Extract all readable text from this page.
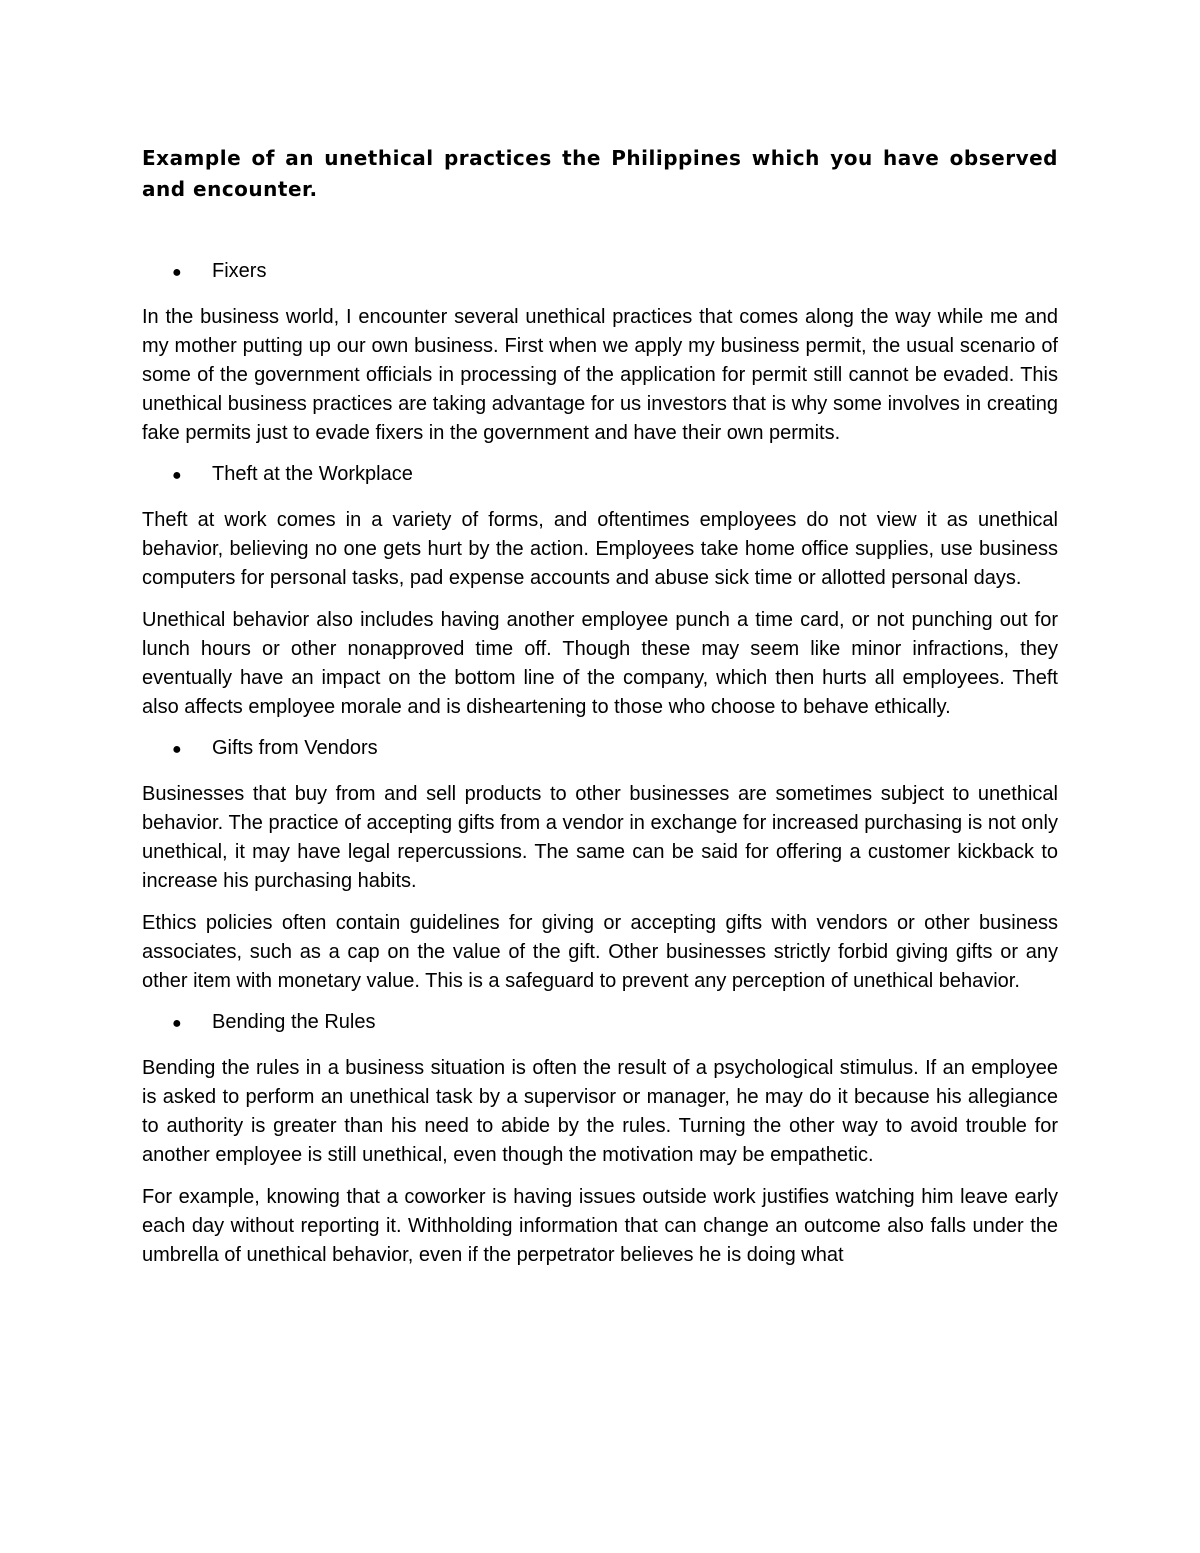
Example of an unethical practices the Philippines which you have observed and encounter.
●	Fixers

In the business world, I encounter several unethical practices that comes along the way while me and my mother putting up our own business. First when we apply my business permit, the usual scenario of some of the government officials in processing of the application for permit still cannot be evaded. This unethical business practices are taking advantage for us investors that is why some involves in creating fake permits just to evade fixers in the government and have their own permits.

●	Theft at the Workplace

Theft at work comes in a variety of forms, and oftentimes employees do not view it as unethical behavior, believing no one gets hurt by the action. Employees take home office supplies, use business computers for personal tasks, pad expense accounts and abuse sick time or allotted personal days.

Unethical behavior also includes having another employee punch a time card, or not punching out for lunch hours or other nonapproved time off. Though these may seem like minor infractions, they eventually have an impact on the bottom line of the company, which then hurts all employees. Theft also affects employee morale and is disheartening to those who choose to behave ethically.

●	Gifts from Vendors

Businesses that buy from and sell products to other businesses are sometimes subject to unethical behavior. The practice of accepting gifts from a vendor in exchange for increased purchasing is not only unethical, it may have legal repercussions. The same can be said for offering a customer kickback to increase his purchasing habits.

Ethics policies often contain guidelines for giving or accepting gifts with vendors or other business associates, such as a cap on the value of the gift. Other businesses strictly forbid giving gifts or any other item with monetary value. This is a safeguard to prevent any perception of unethical behavior.

●	Bending the Rules

Bending the rules in a business situation is often the result of a psychological stimulus. If an employee is asked to perform an unethical task by a supervisor or manager, he may do it because his allegiance to authority is greater than his need to abide by the rules. Turning the other way to avoid trouble for another employee is still unethical, even though the motivation may be empathetic.

For example, knowing that a coworker is having issues outside work justifies watching him leave early each day without reporting it. Withholding information that can change an outcome also falls under the umbrella of unethical behavior, even if the perpetrator believes he is doing what
